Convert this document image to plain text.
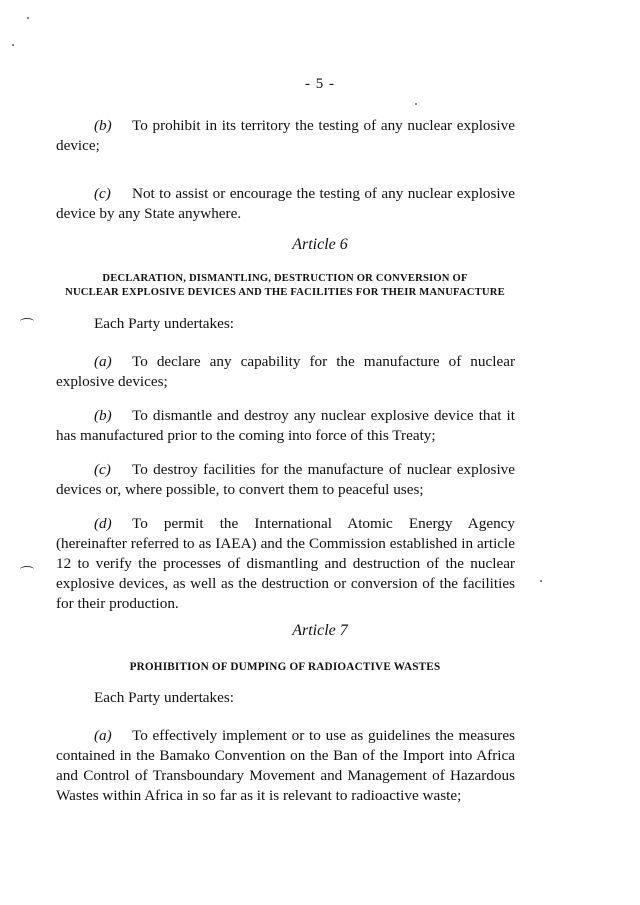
- 5 -
(b) To prohibit in its territory the testing of any nuclear explosive
device;
(c) Not to assist or encourage the testing of any nuclear explosive
device by any State anywhere.
Article 6
DECLARATION, DISMANTLING, DESTRUCTION OR CONVERSION OF
NUCLEAR EXPLOSIVE DEVICES AND THE FACILITIES FOR THEIR MANUFACTURE
Each Party undertakes:
(a) To declare any capability for the manufacture of nuclear
explosive devices;
(b) To dismantle and destroy any nuclear explosive device that it
has manufactured prior to the coming into force of this Treaty;
(c) To destroy facilities for the manufacture of nuclear explosive
devices or, where possible, to convert them to peaceful uses;
(d) To permit the International Atomic Energy Agency
(hereinafter referred to as IAEA) and the Commission established in article
12 to verify the processes of dismantling and destruction of the nuclear
explosive devices, as well as the destruction or conversion of the facilities
for their production.
Article 7
PROHIBITION OF DUMPING OF RADIOACTIVE WASTES
Each Party undertakes:
(a) To effectively implement or to use as guidelines the measures
contained in the Bamako Convention on the Ban of the Import into Africa
and Control of Transboundary Movement and Management of Hazardous
Wastes within Africa in so far as it is relevant to radioactive waste;
